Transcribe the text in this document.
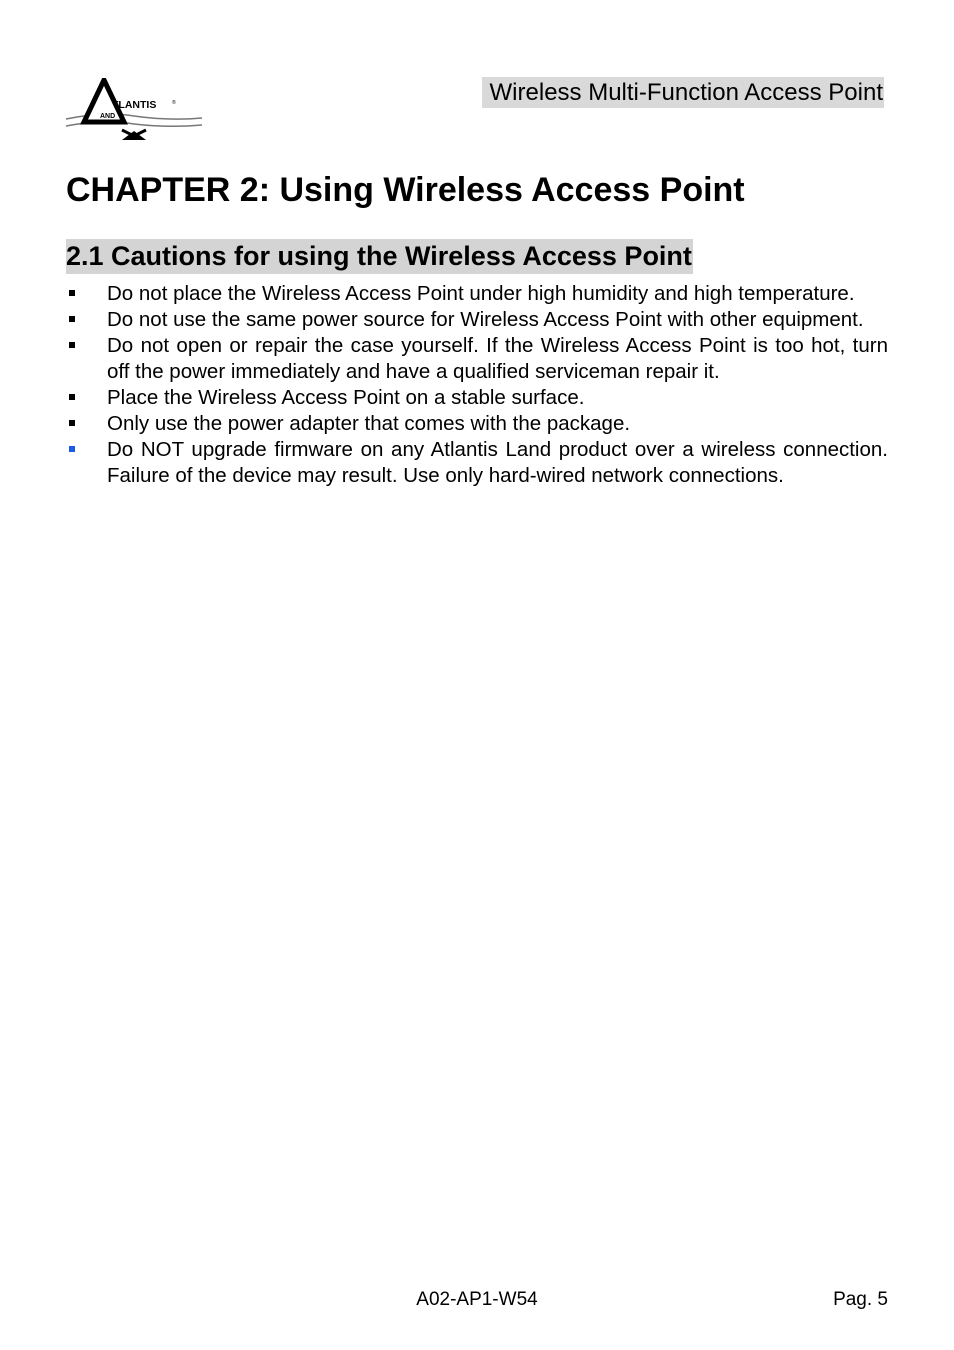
TLANTIS	®
AND
Wireless Multi-Function Access Point
CHAPTER 2: Using Wireless Access Point
2.1 Cautions for using the Wireless Access Point
Do not place the Wireless Access Point under high humidity and high temperature.
Do not use the same power source for Wireless Access Point with other equipment.
Do not open or repair the case yourself. If the Wireless Access Point is too hot, turn off the power immediately and have a qualified serviceman repair it.
Place the Wireless Access Point on a stable surface.
Only use the power adapter that comes with the package.
Do NOT upgrade firmware on any Atlantis Land product over a wireless connection. Failure of the device may result. Use only hard-wired network connections.
A02-AP1-W54	Pag. 5
